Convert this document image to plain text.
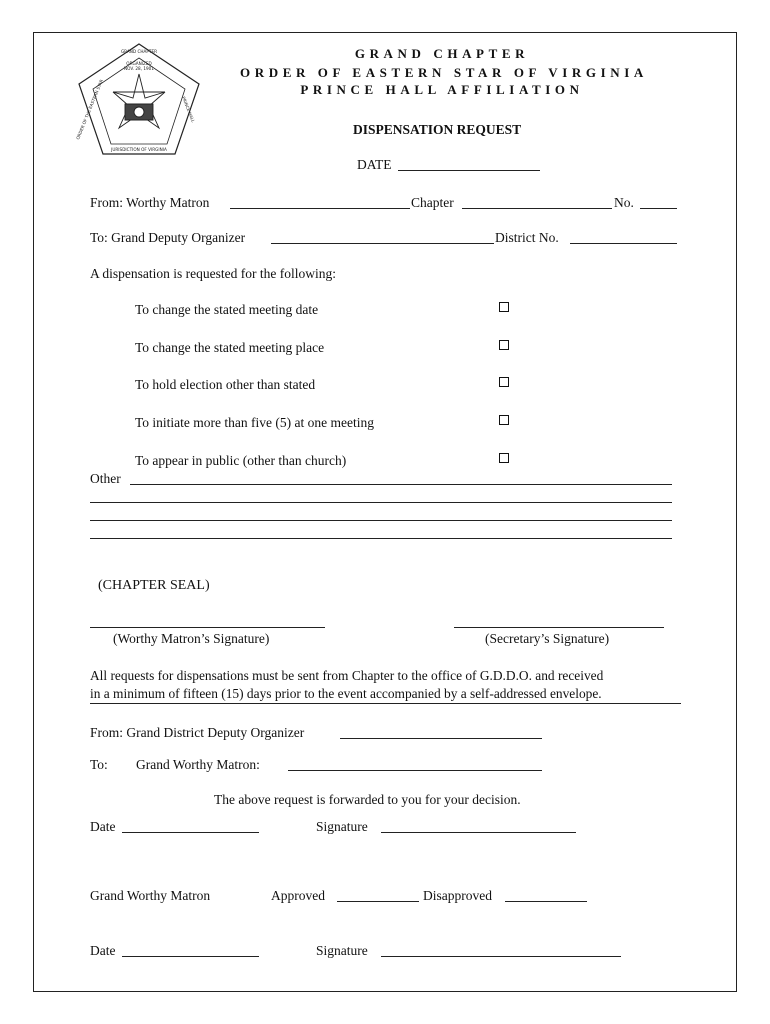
GRAND CHAPTER
ORGANIZED
NOV. 28, 1901
ORDER OF THE EASTERN STAR	PRINCE HALL
JURISDICTION OF VIRGINIA
GRAND CHAPTER
ORDER OF EASTERN STAR OF VIRGINIA
PRINCE HALL AFFILIATION
DISPENSATION REQUEST
DATE
From: Worthy Matron	Chapter	No.
To: Grand Deputy Organizer	District No.
A dispensation is requested for the following:
To change the stated meeting date
To change the stated meeting place
To hold election other than stated
To initiate more than five (5) at one meeting
To appear in public (other than church)
Other
(CHAPTER SEAL)
(Worthy Matron’s Signature)	(Secretary’s Signature)
All requests for dispensations must be sent from Chapter to the office of G.D.D.O. and received
in a minimum of fifteen (15) days prior to the event accompanied by a self-addressed envelope.
From: Grand District Deputy Organizer
To: Grand Worthy Matron:
The above request is forwarded to you for your decision.
Date	Signature
Grand Worthy Matron	Approved	Disapproved
Date	Signature
